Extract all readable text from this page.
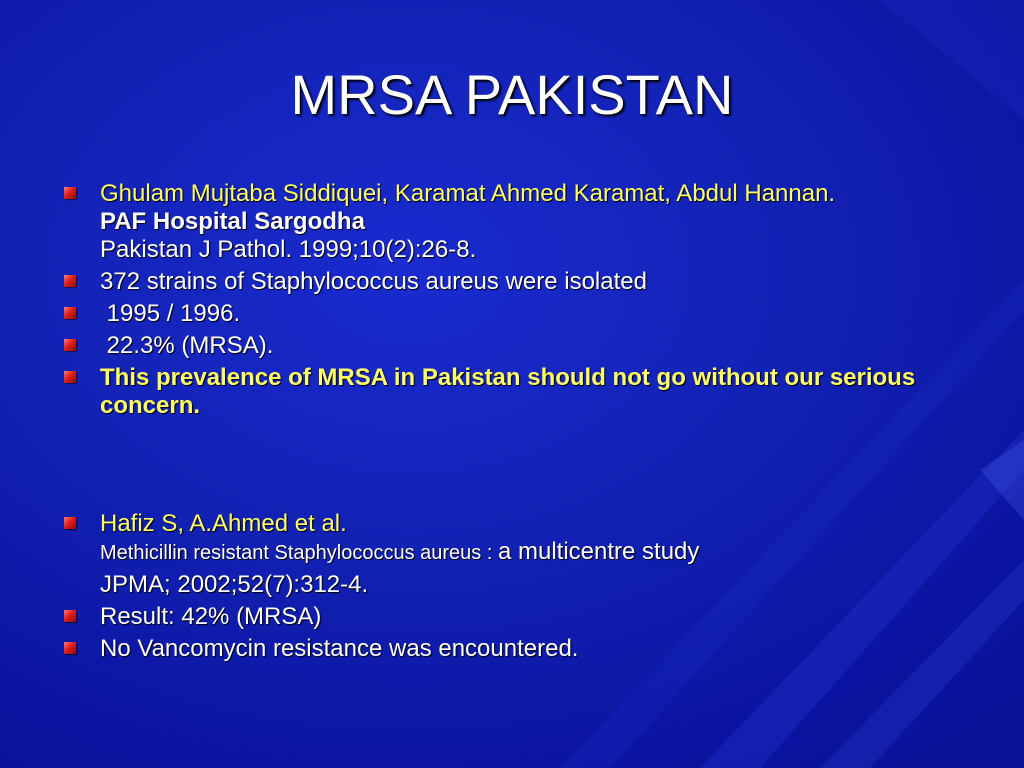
MRSA PAKISTAN
Ghulam Mujtaba Siddiquei, Karamat Ahmed Karamat, Abdul Hannan.
PAF Hospital Sargodha
Pakistan J Pathol. 1999;10(2):26-8.
372 strains of Staphylococcus aureus were isolated
1995 / 1996.
22.3% (MRSA).
This prevalence of MRSA in Pakistan should not go without our serious concern.
Hafiz S, A.Ahmed et al.
Methicillin resistant Staphylococcus aureus : a multicentre study
JPMA; 2002;52(7):312-4.
Result: 42% (MRSA)
No Vancomycin resistance was encountered.
